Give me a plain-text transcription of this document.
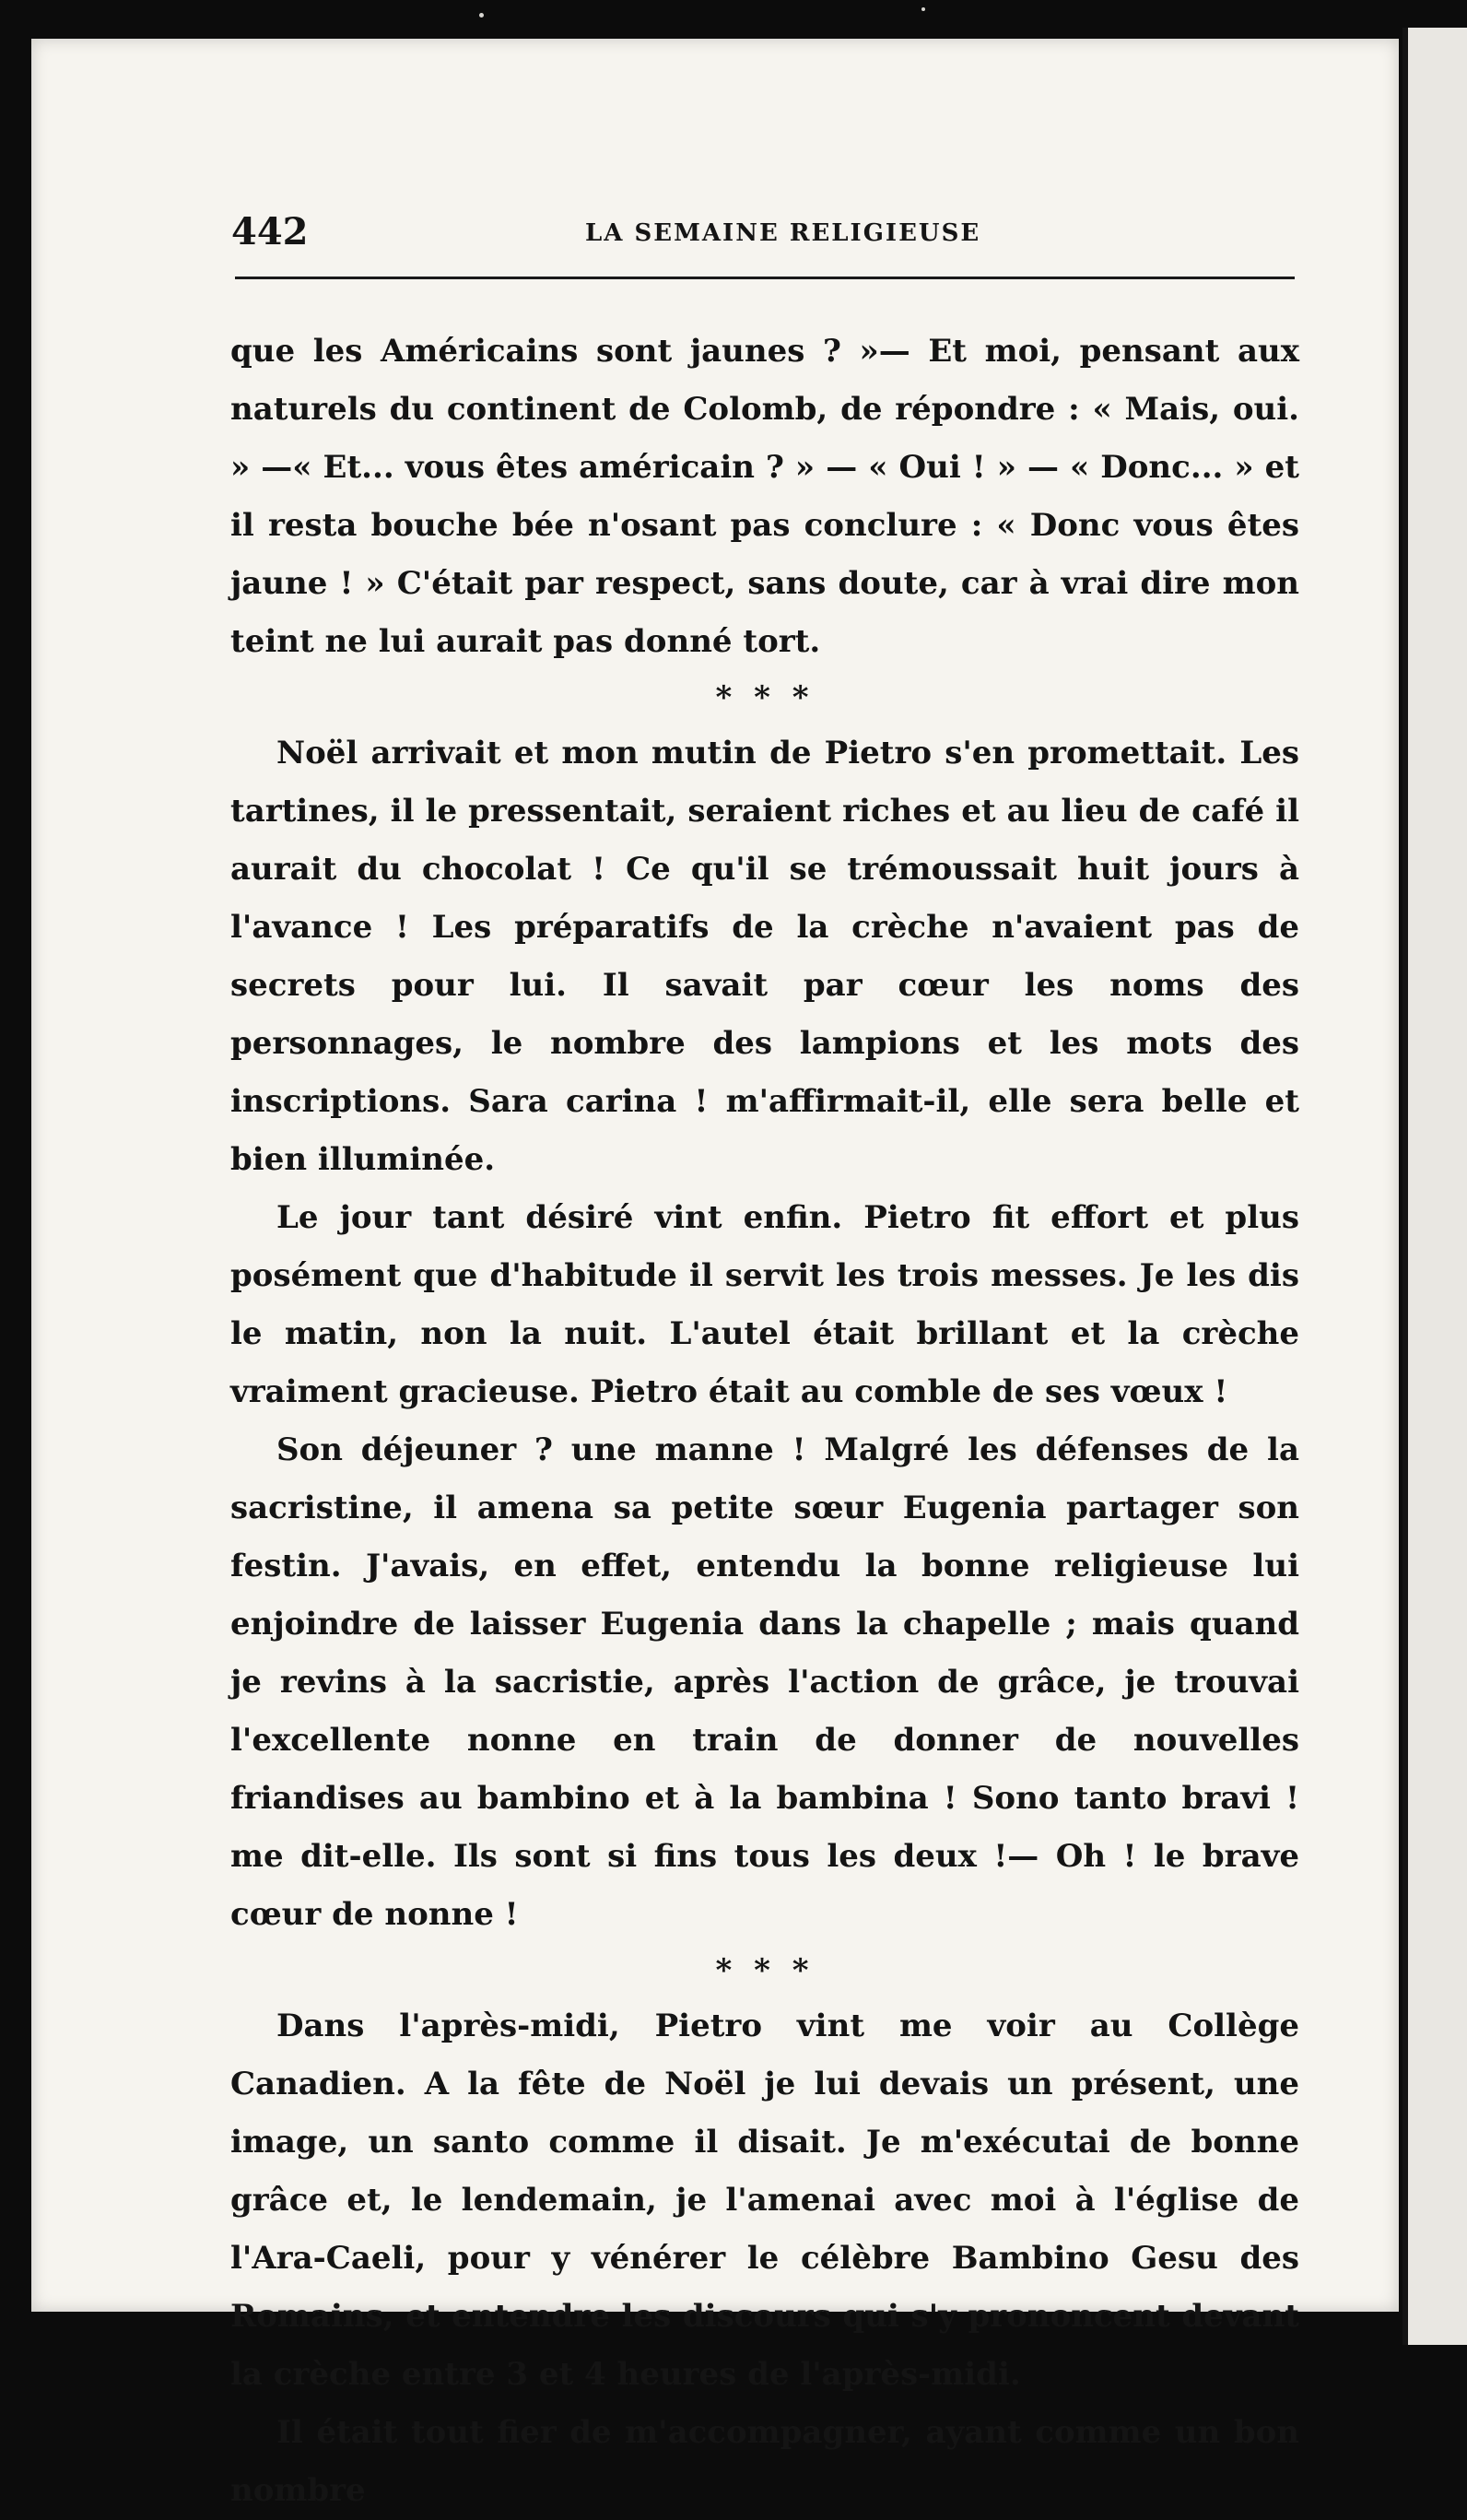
442	LA SEMAINE RELIGIEUSE

que les Américains sont jaunes ? »— Et moi, pensant aux naturels du continent de Colomb, de répondre : « Mais, oui. » —« Et... vous êtes américain ? » — « Oui ! » — « Donc... » et il resta bouche bée n'osant pas conclure : « Donc vous êtes jaune ! » C'était par respect, sans doute, car à vrai dire mon teint ne lui aurait pas donné tort.

* * *

Noël arrivait et mon mutin de Pietro s'en promettait. Les tartines, il le pressentait, seraient riches et au lieu de café il aurait du chocolat ! Ce qu'il se trémoussait huit jours à l'avance ! Les préparatifs de la crèche n'avaient pas de secrets pour lui. Il savait par cœur les noms des personnages, le nombre des lampions et les mots des inscriptions. Sara carina ! m'affirmait-il, elle sera belle et bien illuminée.

Le jour tant désiré vint enfin. Pietro fit effort et plus posément que d'habitude il servit les trois messes. Je les dis le matin, non la nuit. L'autel était brillant et la crèche vraiment gracieuse. Pietro était au comble de ses vœux !

Son déjeuner ? une manne ! Malgré les défenses de la sacristine, il amena sa petite sœur Eugenia partager son festin. J'avais, en effet, entendu la bonne religieuse lui enjoindre de laisser Eugenia dans la chapelle ; mais quand je revins à la sacristie, après l'action de grâce, je trouvai l'excellente nonne en train de donner de nouvelles friandises au bambino et à la bambina ! Sono tanto bravi ! me dit-elle. Ils sont si fins tous les deux !— Oh ! le brave cœur de nonne !

* * *

Dans l'après-midi, Pietro vint me voir au Collège Canadien. A la fête de Noël je lui devais un présent, une image, un santo comme il disait. Je m'exécutai de bonne grâce et, le lendemain, je l'amenai avec moi à l'église de l'Ara-Caeli, pour y vénérer le célèbre Bambino Gesu des Romains, et entendre les discours qui s'y prononcent devant la crèche entre 3 et 4 heures de l'après-midi.

Il était tout fier de m'accompagner, ayant comme un bon nombre
